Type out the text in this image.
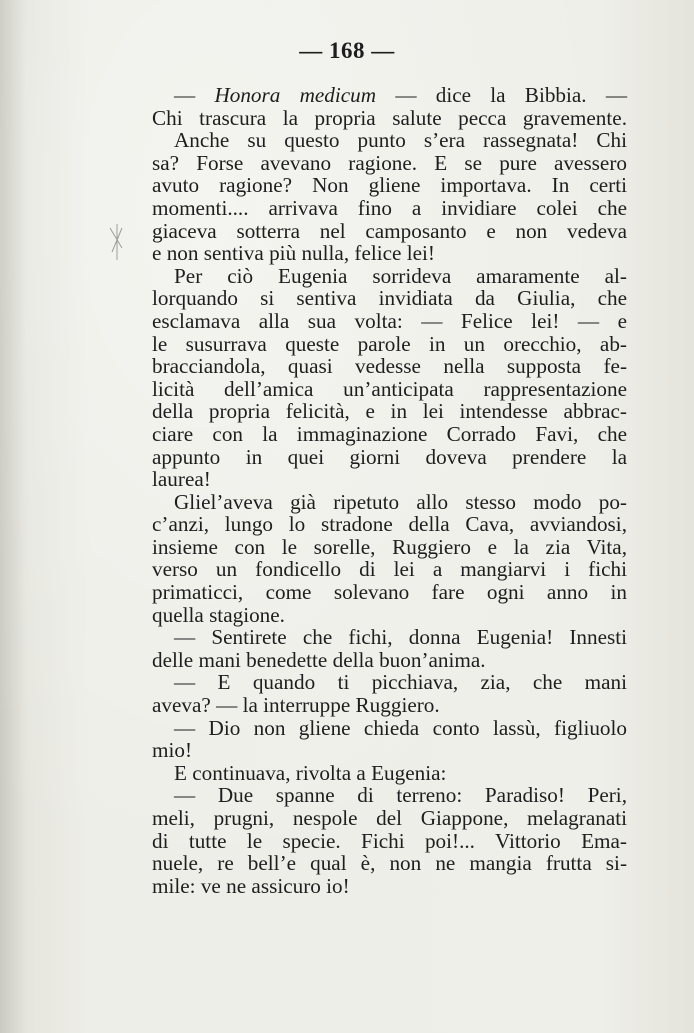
— 168 —
— Honora medicum — dice la Bibbia. —
Chi trascura la propria salute pecca gravemente.
Anche su questo punto s’era rassegnata! Chi
sa? Forse avevano ragione. E se pure avessero
avuto ragione? Non gliene importava. In certi
momenti.... arrivava fino a invidiare colei che
giaceva sotterra nel camposanto e non vedeva
e non sentiva più nulla, felice lei!
Per ciò Eugenia sorrideva amaramente al-
lorquando si sentiva invidiata da Giulia, che
esclamava alla sua volta: — Felice lei! — e
le susurrava queste parole in un orecchio, ab-
bracciandola, quasi vedesse nella supposta fe-
licità dell’amica un’anticipata rappresentazione
della propria felicità, e in lei intendesse abbrac-
ciare con la immaginazione Corrado Favi, che
appunto in quei giorni doveva prendere la
laurea!
Gliel’aveva già ripetuto allo stesso modo po-
c’anzi, lungo lo stradone della Cava, avviandosi,
insieme con le sorelle, Ruggiero e la zia Vita,
verso un fondicello di lei a mangiarvi i fichi
primaticci, come solevano fare ogni anno in
quella stagione.
— Sentirete che fichi, donna Eugenia! Innesti
delle mani benedette della buon’anima.
— E quando ti picchiava, zia, che mani
aveva? — la interruppe Ruggiero.
— Dio non gliene chieda conto lassù, figliuolo
mio!
E continuava, rivolta a Eugenia:
— Due spanne di terreno: Paradiso! Peri,
meli, prugni, nespole del Giappone, melagranati
di tutte le specie. Fichi poi!... Vittorio Ema-
nuele, re bell’e qual è, non ne mangia frutta si-
mile: ve ne assicuro io!
